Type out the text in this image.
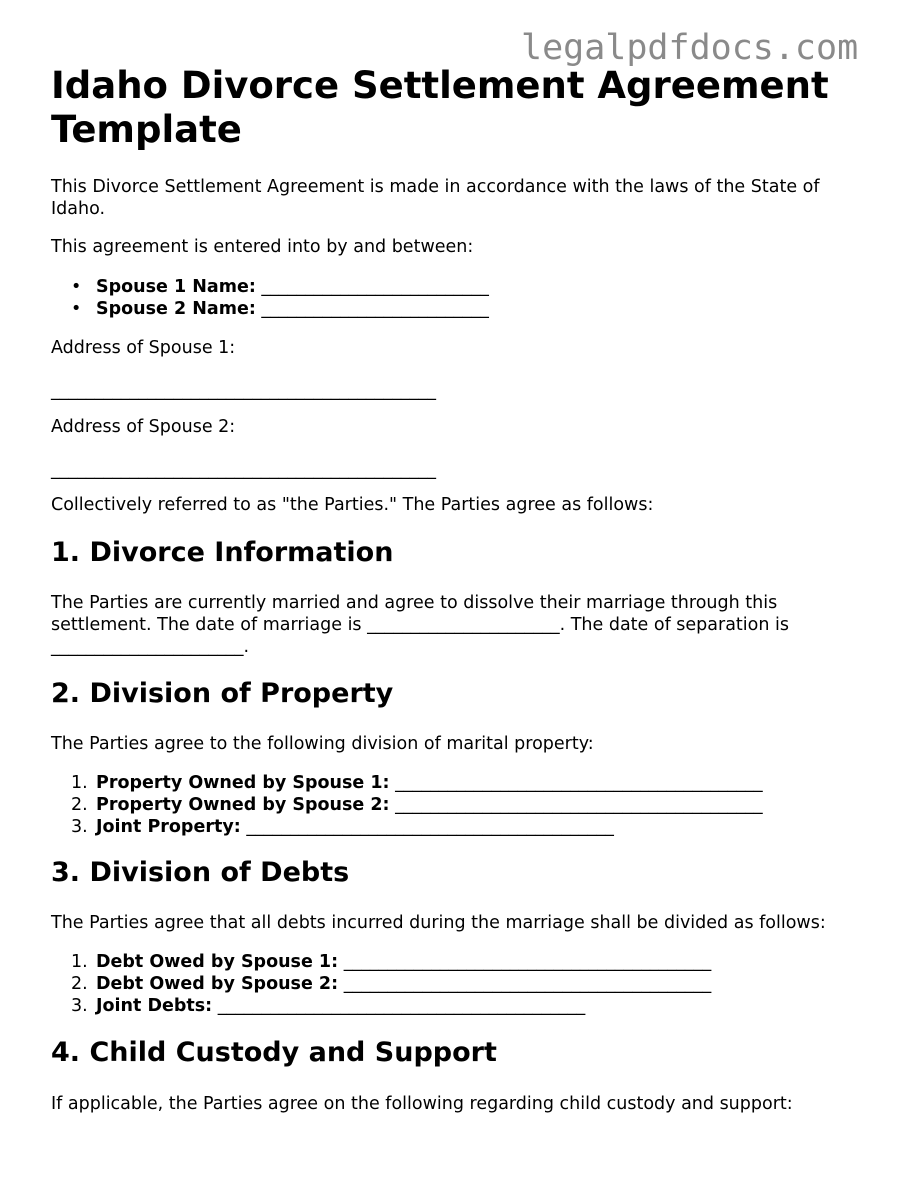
legalpdfdocs.com
Idaho Divorce Settlement Agreement Template

This Divorce Settlement Agreement is made in accordance with the laws of the State of Idaho.

This agreement is entered into by and between:

• Spouse 1 Name: __________________________
• Spouse 2 Name: __________________________

Address of Spouse 1:

____________________________________________

Address of Spouse 2:

____________________________________________

Collectively referred to as "the Parties." The Parties agree as follows:

1. Divorce Information

The Parties are currently married and agree to dissolve their marriage through this settlement. The date of marriage is ______________________. The date of separation is ______________________.

2. Division of Property

The Parties agree to the following division of marital property:

1. Property Owned by Spouse 1: __________________________________________
2. Property Owned by Spouse 2: __________________________________________
3. Joint Property: __________________________________________
3. Division of Debts

The Parties agree that all debts incurred during the marriage shall be divided as follows:

1. Debt Owed by Spouse 1: __________________________________________
2. Debt Owed by Spouse 2: __________________________________________
3. Joint Debts: __________________________________________
4. Child Custody and Support

If applicable, the Parties agree on the following regarding child custody and support:
